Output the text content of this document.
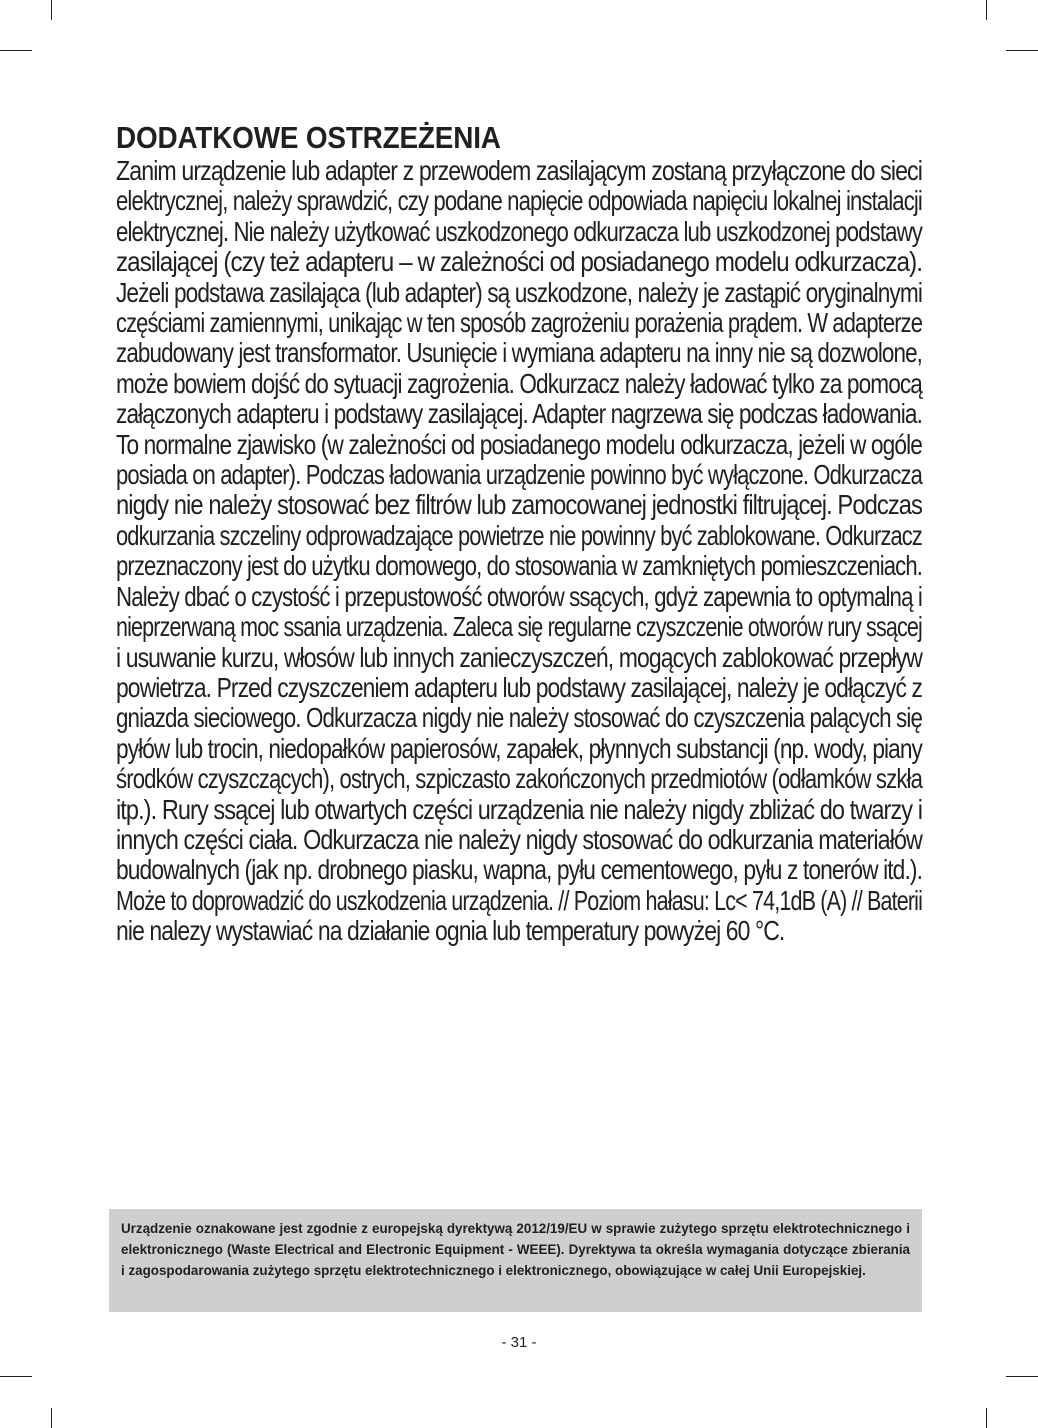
DODATKOWE OSTRZEŻENIA

Zanim urządzenie lub adapter z przewodem zasilającym zostaną przyłączone do sieci
elektrycznej, należy sprawdzić, czy podane napięcie odpowiada napięciu lokalnej instalacji
elektrycznej. Nie należy użytkować uszkodzonego odkurzacza lub uszkodzonej podstawy
zasilającej (czy też adapteru – w zależności od posiadanego modelu odkurzacza).
Jeżeli podstawa zasilająca (lub adapter) są uszkodzone, należy je zastąpić oryginalnymi
częściami zamiennymi, unikając w ten sposób zagrożeniu porażenia prądem. W adapterze
zabudowany jest transformator. Usunięcie i wymiana adapteru na inny nie są dozwolone,
może bowiem dojść do sytuacji zagrożenia. Odkurzacz należy ładować tylko za pomocą
załączonych adapteru i podstawy zasilającej. Adapter nagrzewa się podczas ładowania.
To normalne zjawisko (w zależności od posiadanego modelu odkurzacza, jeżeli w ogóle
posiada on adapter). Podczas ładowania urządzenie powinno być wyłączone. Odkurzacza
nigdy nie należy stosować bez filtrów lub zamocowanej jednostki filtrującej. Podczas
odkurzania szczeliny odprowadzające powietrze nie powinny być zablokowane. Odkurzacz
przeznaczony jest do użytku domowego, do stosowania w zamkniętych pomieszczeniach.
Należy dbać o czystość i przepustowość otworów ssących, gdyż zapewnia to optymalną i
nieprzerwaną moc ssania urządzenia. Zaleca się regularne czyszczenie otworów rury ssącej
i usuwanie kurzu, włosów lub innych zanieczyszczeń, mogących zablokować przepływ
powietrza. Przed czyszczeniem adapteru lub podstawy zasilającej, należy je odłączyć z
gniazda sieciowego. Odkurzacza nigdy nie należy stosować do czyszczenia palących się
pyłów lub trocin, niedopałków papierosów, zapałek, płynnych substancji (np. wody, piany
środków czyszczących), ostrych, szpiczasto zakończonych przedmiotów (odłamków szkła
itp.). Rury ssącej lub otwartych części urządzenia nie należy nigdy zbliżać do twarzy i
innych części ciała. Odkurzacza nie należy nigdy stosować do odkurzania materiałów
budowalnych (jak np. drobnego piasku, wapna, pyłu cementowego, pyłu z tonerów itd.).
Może to doprowadzić do uszkodzenia urządzenia. // Poziom hałasu: Lc< 74,1dB (A) // Baterii
nie nalezy wystawiać na działanie ognia lub temperatury powyżej 60 °C.

Urządzenie oznakowane jest zgodnie z europejską dyrektywą 2012/19/EU w sprawie zużytego sprzętu elektrotechnicznego i elektronicznego (Waste Electrical and Electronic Equipment - WEEE). Dyrektywa ta określa wymagania dotyczące zbierania i zagospodarowania zużytego sprzętu elektrotechnicznego i elektronicznego, obowiązujące w całej Unii Europejskiej.

- 31 -
